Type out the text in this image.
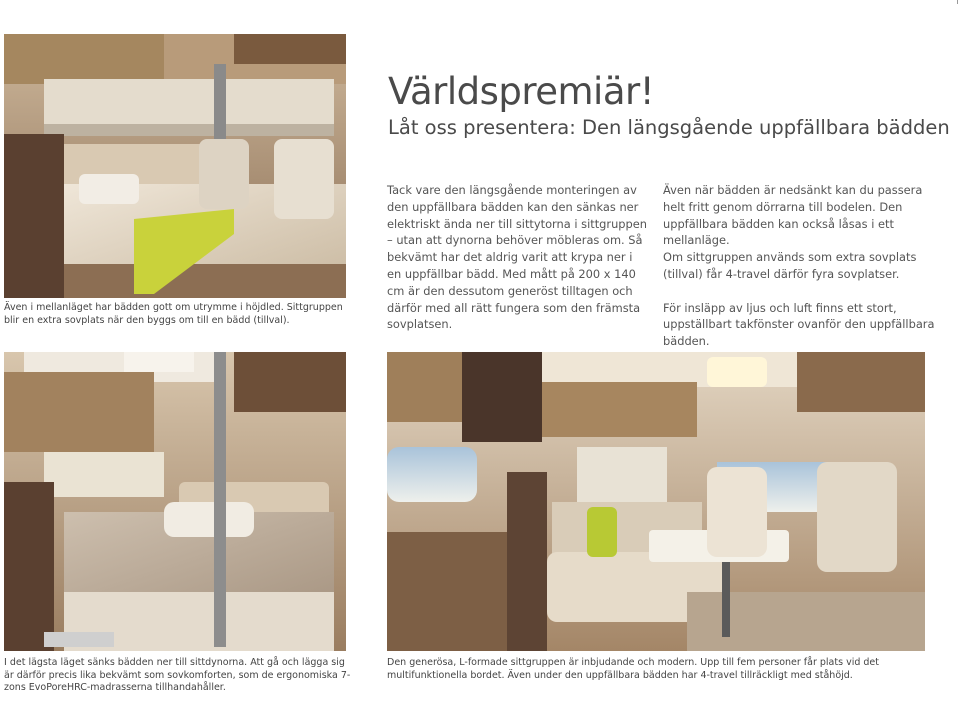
Även i mellanläget har bädden gott om utrymme i höjdled. Sittgruppen blir en extra sovplats när den byggs om till en bädd (tillval).
Världspremiär!
Låt oss presentera: Den längsgående uppfällbara bädden

Tack vare den längsgående monteringen av den uppfällbara bädden kan den sänkas ner elektriskt ända ner till sittytorna i sittgruppen – utan att dynorna behöver möbleras om. Så bekvämt har det aldrig varit att krypa ner i en uppfällbar bädd. Med mått på 200 x 140 cm är den dessutom generöst tilltagen och därför med all rätt fungera som den främsta sovplatsen.

Även när bädden är nedsänkt kan du passera helt fritt genom dörrarna till bodelen. Den uppfällbara bädden kan också låsas i ett mellanläge.

Om sittgruppen används som extra sovplats (tillval) får 4-travel därför fyra sovplatser.

För insläpp av ljus och luft finns ett stort, uppställbart takfönster ovanför den uppfällbara bädden.

I det lägsta läget sänks bädden ner till sittdynorna. Att gå och lägga sig är därför precis lika bekvämt som sovkomforten, som de ergonomiska 7-zons EvoPoreHRC-madrasserna tillhandahåller.
Den generösa, L-formade sittgruppen är inbjudande och modern. Upp till fem personer får plats vid det multifunktionella bordet. Även under den uppfällbara bädden har 4-travel tillräckligt med ståhöjd.
